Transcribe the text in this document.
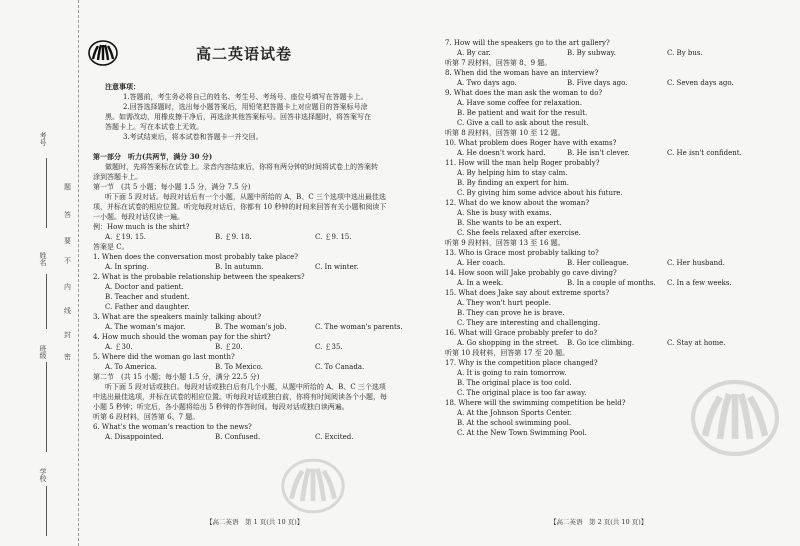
考号
姓名
班级
学校
题
答
要
不
内
线
封
密
高二英语试卷

注意事项：

1.答题前，考生务必将自己的姓名、考生号、考场号、座位号填写在答题卡上。

2.回答选择题时，选出每小题答案后，用铅笔把答题卡上对应题目的答案标号涂

黑。如需改动，用橡皮擦干净后，再选涂其他答案标号。回答非选择题时，将答案写在

答题卡上。写在本试卷上无效。

3.考试结束后，将本试卷和答题卡一并交回。

第一部分　听力(共两节，满分 30 分)

做题时，先将答案标在试卷上。录音内容结束后，你将有两分钟的时间将试卷上的答案转

涂到答题卡上。

第一节　(共 5 小题；每小题 1.5 分，满分 7.5 分)

听下面 5 段对话。每段对话后有一个小题，从题中所给的 A、B、C 三个选项中选出最佳选

项，并标在试卷的相应位置。听完每段对话后，你都有 10 秒钟的时间来回答有关小题和阅读下

一小题。每段对话仅读一遍。

例：How much is the shirt?

A. ￡19. 15.	B. ￡9. 18.	C. ￡9. 15.

答案是 C。

1. When does the conversation most probably take place?

A. In spring.	B. In autumn.	C. In winter.

2. What is the probable relationship between the speakers?

A. Doctor and patient.

B. Teacher and student.

C. Father and daughter.

3. What are the speakers mainly talking about?

A. The woman's major.	B. The woman's job.	C. The woman's parents.

4. How much should the woman pay for the shirt?

A. ￡30.	B. ￡20.	C. ￡35.

5. Where did the woman go last month?

A. To America.	B. To Mexico.	C. To Canada.

第二节　(共 15 小题；每小题 1.5 分，满分 22.5 分)

听下面 5 段对话或独白。每段对话或独白后有几个小题，从题中所给的 A、B、C 三个选项

中选出最佳选项，并标在试卷的相应位置。听每段对话或独白前，你将有时间阅读各个小题，每

小题 5 秒钟；听完后，各小题将给出 5 秒钟的作答时间。每段对话或独白读两遍。

听第 6 段材料，回答第 6、7 题。

6. What's the woman's reaction to the news?

A. Disappointed.	B. Confused.	C. Excited.

7. How will the speakers go to the art gallery?

A. By car.	B. By subway.	C. By bus.

听第 7 段材料，回答第 8、9 题。

8. When did the woman have an interview?

A. Two days ago.	B. Five days ago.	C. Seven days ago.

9. What does the man ask the woman to do?

A. Have some coffee for relaxation.

B. Be patient and wait for the result.

C. Give a call to ask about the result.

听第 8 段材料，回答第 10 至 12 题。

10. What problem does Roger have with exams?

A. He doesn't work hard.	B. He isn't clever.	C. He isn't confident.

11. How will the man help Roger probably?

A. By helping him to stay calm.

B. By finding an expert for him.

C. By giving him some advice about his future.

12. What do we know about the woman?

A. She is busy with exams.

B. She wants to be an expert.

C. She feels relaxed after exercise.

听第 9 段材料，回答第 13 至 16 题。

13. Who is Grace most probably talking to?

A. Her coach.	B. Her colleague.	C. Her husband.

14. How soon will Jake probably go cave diving?

A. In a week.	B. In a couple of months. C. In a few weeks.

15. What does Jake say about extreme sports?

A. They won't hurt people.

B. They can prove he is brave.

C. They are interesting and challenging.

16. What will Grace probably prefer to do?

A. Go shopping in the street. B. Go ice climbing.	C. Stay at home.

听第 10 段材料，回答第 17 至 20 题。

17. Why is the competition place changed?

A. It is going to rain tomorrow.

B. The original place is too cold.

C. The original place is too far away.

18. Where will the swimming competition be held?

A. At the Johnson Sports Center.

B. At the school swimming pool.

C. At the New Town Swimming Pool.

【高二英语　第 1 页(共 10 页)】	【高二英语　第 2 页(共 10 页)】
